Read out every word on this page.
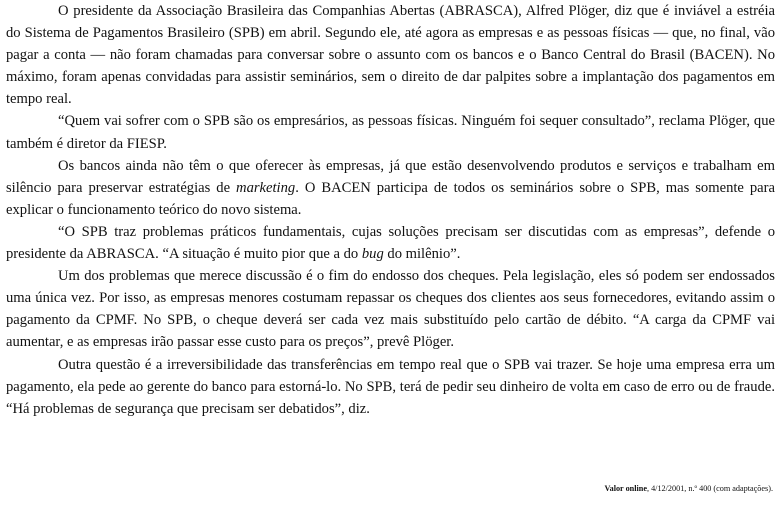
O presidente da Associação Brasileira das Companhias Abertas (ABRASCA), Alfred Plöger, diz que é inviável a estréia do Sistema de Pagamentos Brasileiro (SPB) em abril. Segundo ele, até agora as empresas e as pessoas físicas — que, no final, vão pagar a conta — não foram chamadas para conversar sobre o assunto com os bancos e o Banco Central do Brasil (BACEN). No máximo, foram apenas convidadas para assistir seminários, sem o direito de dar palpites sobre a implantação dos pagamentos em tempo real.

“Quem vai sofrer com o SPB são os empresários, as pessoas físicas. Ninguém foi sequer consultado”, reclama Plöger, que também é diretor da FIESP.

Os bancos ainda não têm o que oferecer às empresas, já que estão desenvolvendo produtos e serviços e trabalham em silêncio para preservar estratégias de marketing. O BACEN participa de todos os seminários sobre o SPB, mas somente para explicar o funcionamento teórico do novo sistema.

“O SPB traz problemas práticos fundamentais, cujas soluções precisam ser discutidas com as empresas”, defende o presidente da ABRASCA. “A situação é muito pior que a do bug do milênio”.

Um dos problemas que merece discussão é o fim do endosso dos cheques. Pela legislação, eles só podem ser endossados uma única vez. Por isso, as empresas menores costumam repassar os cheques dos clientes aos seus fornecedores, evitando assim o pagamento da CPMF. No SPB, o cheque deverá ser cada vez mais substituído pelo cartão de débito. “A carga da CPMF vai aumentar, e as empresas irão passar esse custo para os preços”, prevê Plöger.

Outra questão é a irreversibilidade das transferências em tempo real que o SPB vai trazer. Se hoje uma empresa erra um pagamento, ela pede ao gerente do banco para estorná-lo. No SPB, terá de pedir seu dinheiro de volta em caso de erro ou de fraude. “Há problemas de segurança que precisam ser debatidos”, diz.

Valor online, 4/12/2001, n.º 400 (com adaptações).
